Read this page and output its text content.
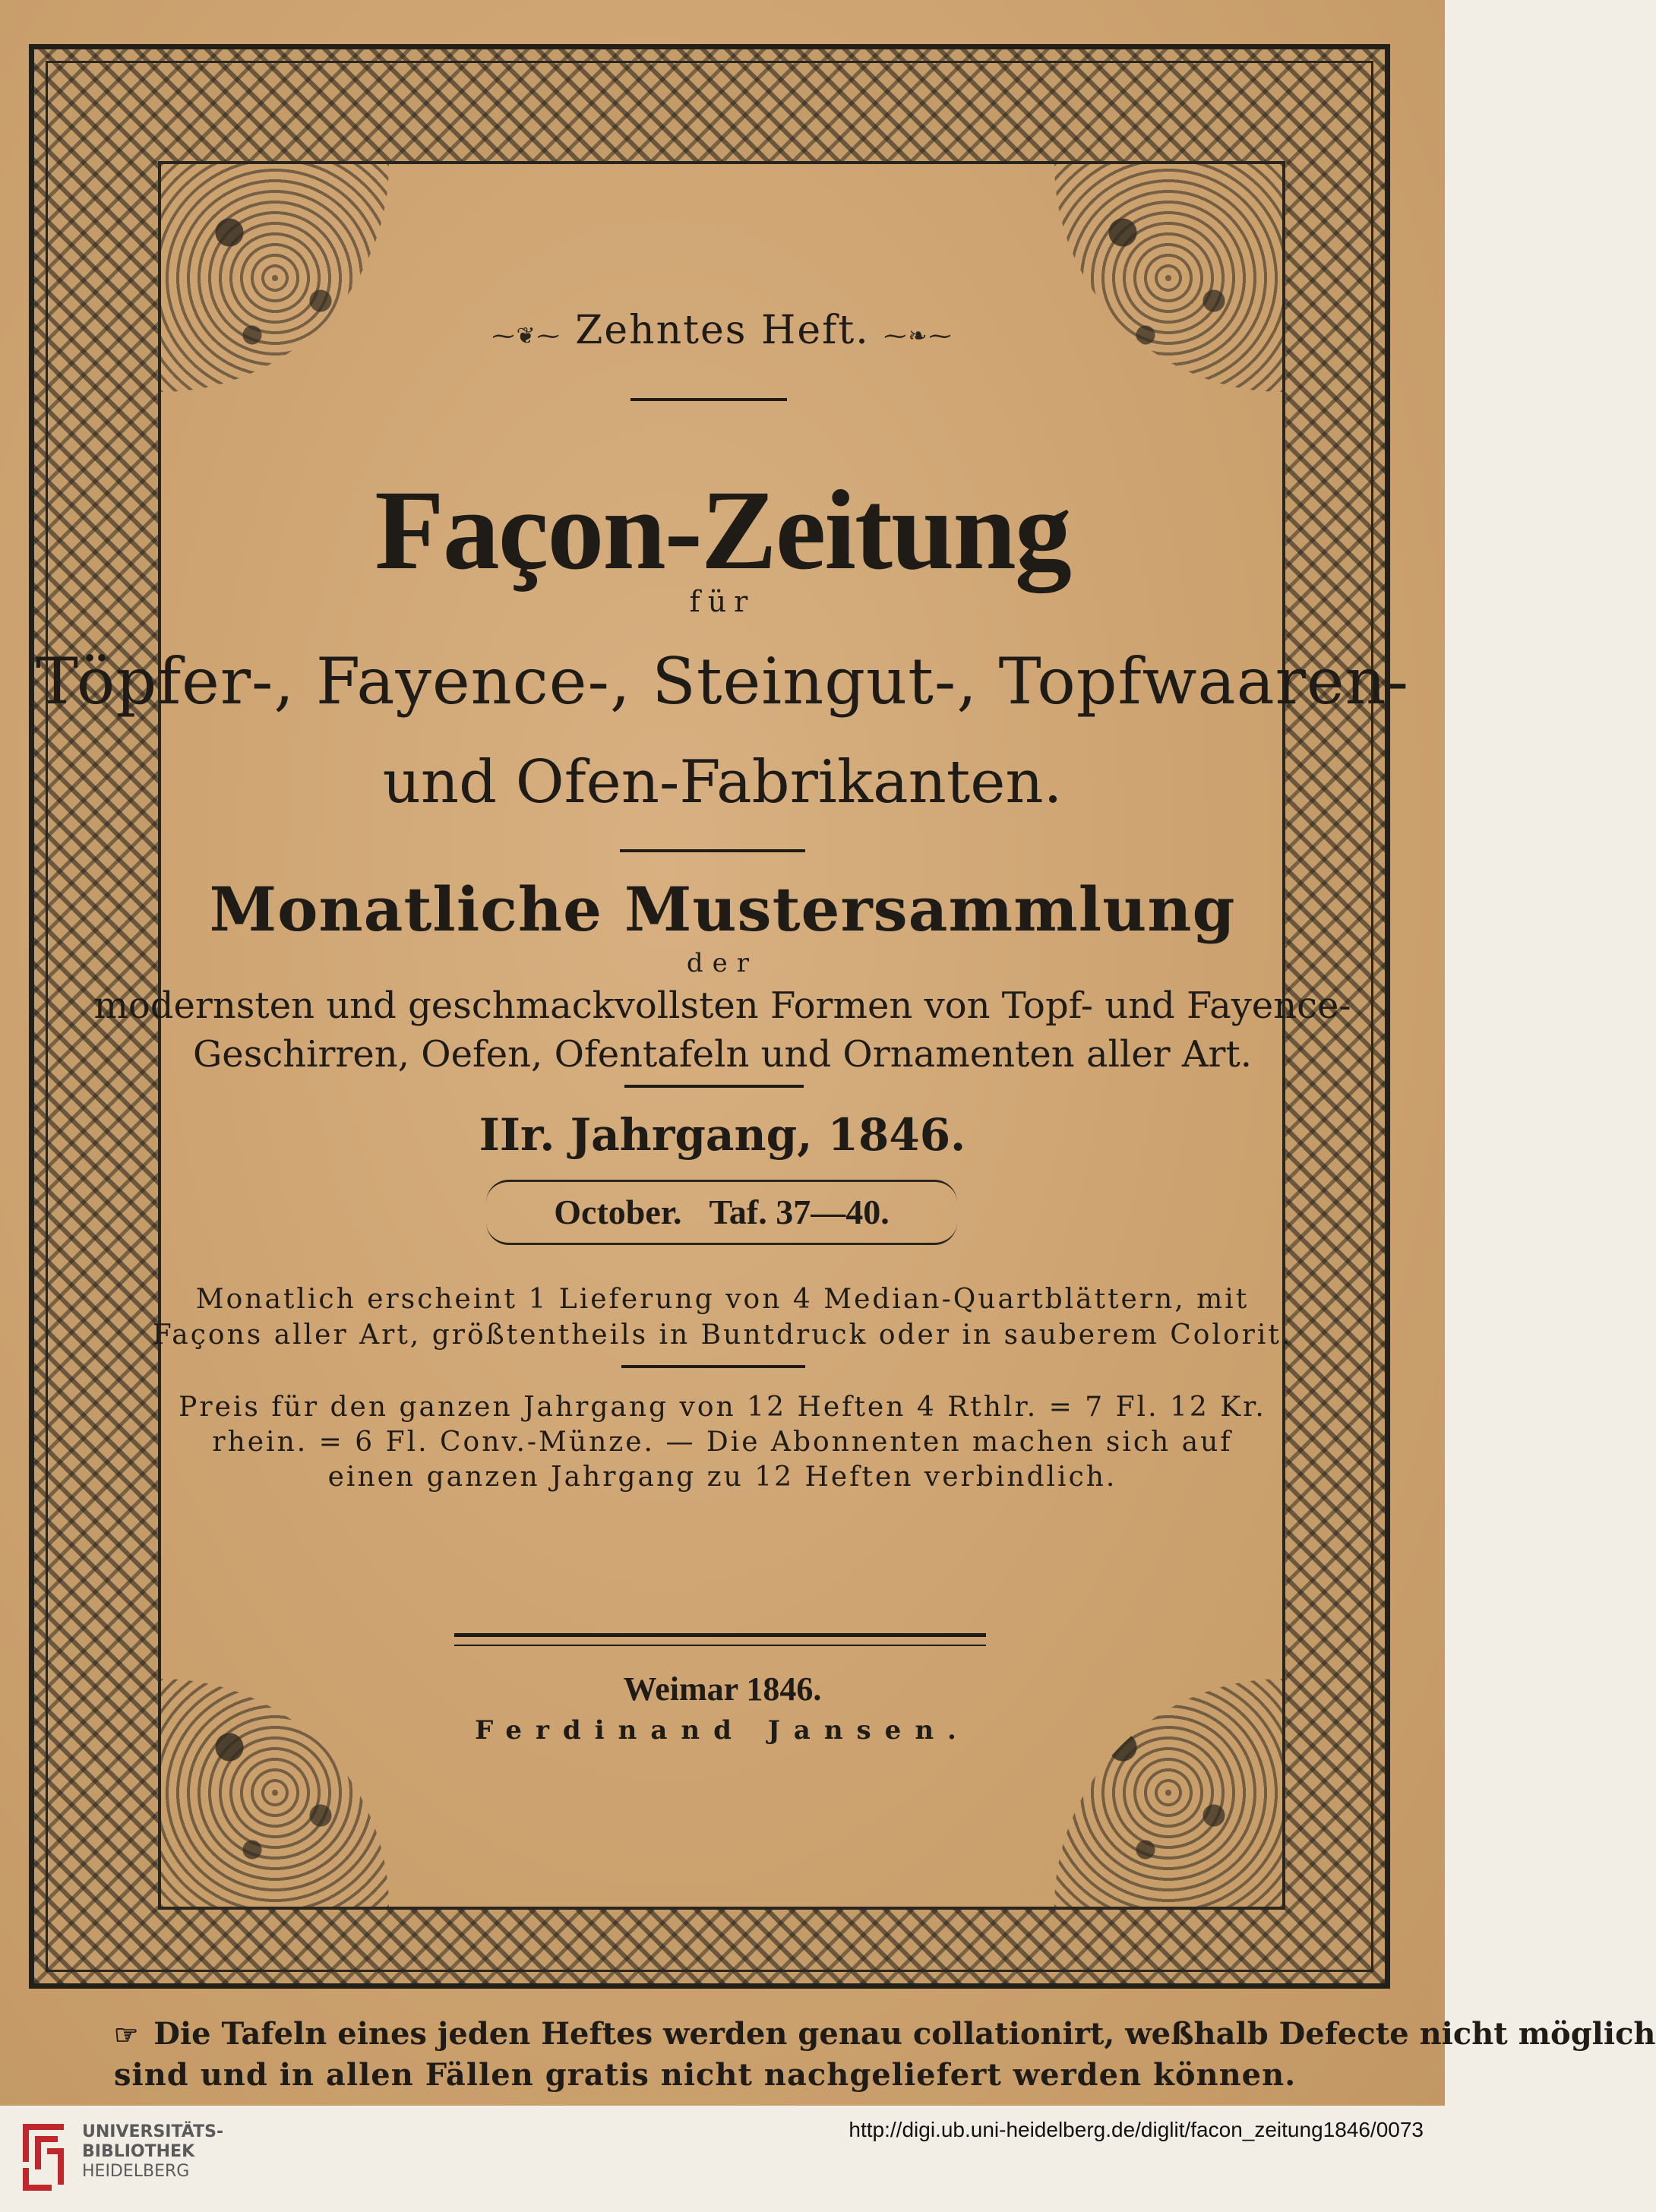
⁓❦⁓ Zehntes Heft. ⁓❧⁓
Façon-Zeitung
für
Töpfer-, Fayence-, Steingut-, Topfwaaren-
und Ofen-Fabrikanten.
Monatliche Mustersammlung
der
modernsten und geschmackvollsten Formen von Topf- und Fayence-
Geschirren, Oefen, Ofentafeln und Ornamenten aller Art.
IIr. Jahrgang, 1846.
October. Taf. 37—40.
Monatlich erscheint 1 Lieferung von 4 Median-Quartblättern, mit
Façons aller Art, größtentheils in Buntdruck oder in sauberem Colorit.
Preis für den ganzen Jahrgang von 12 Heften 4 Rthlr. = 7 Fl. 12 Kr.
rhein. = 6 Fl. Conv.-Münze. — Die Abonnenten machen sich auf
einen ganzen Jahrgang zu 12 Heften verbindlich.
Weimar 1846.
Ferdinand Jansen.
☞ Die Tafeln eines jeden Heftes werden genau collationirt, weßhalb Defecte nicht möglich
sind und in allen Fällen gratis nicht nachgeliefert werden können.
UNIVERSITÄTS-
BIBLIOTHEK
HEIDELBERG
http://digi.ub.uni-heidelberg.de/diglit/facon_zeitung1846/0073
